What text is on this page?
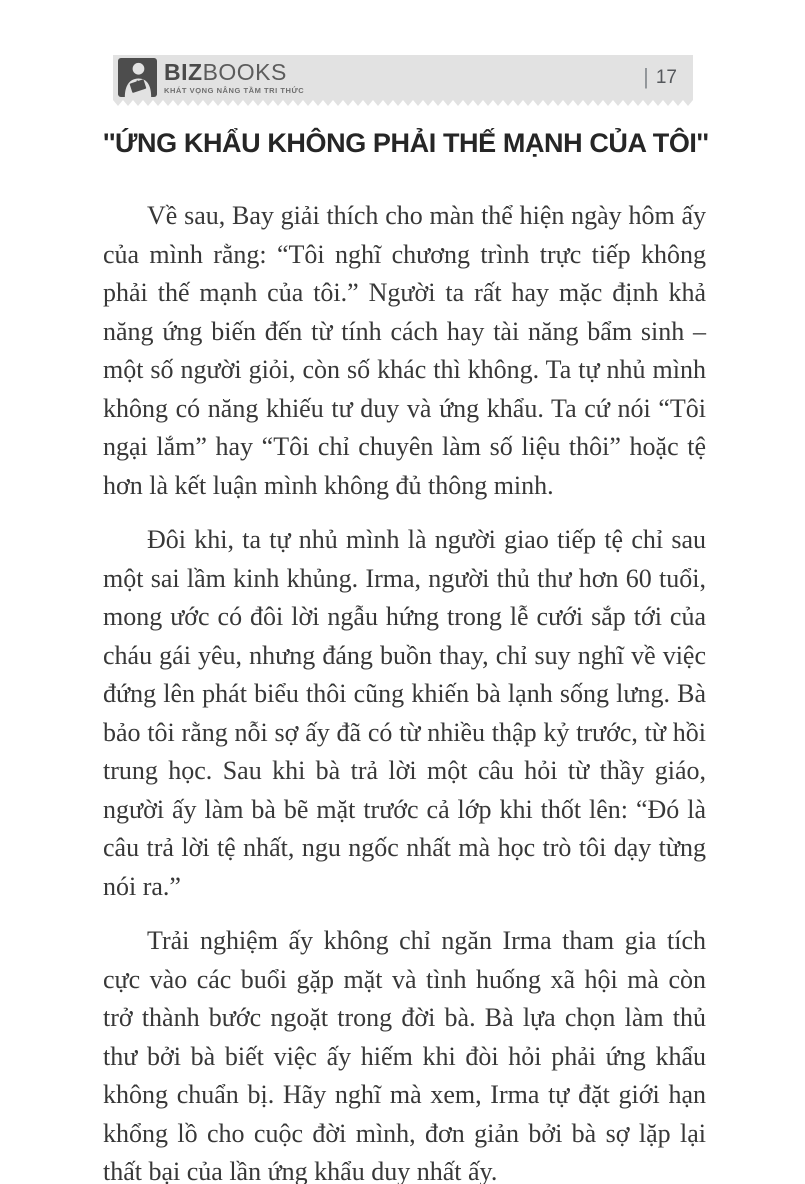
BIZBOOKS
KHÁT VỌNG NÂNG TẦM TRI THỨC
| 17
''ỨNG KHẨU KHÔNG PHẢI THẾ MẠNH CỦA TÔI''

Về sau, Bay giải thích cho màn thể hiện ngày hôm ấy của mình rằng: “Tôi nghĩ chương trình trực tiếp không phải thế mạnh của tôi.” Người ta rất hay mặc định khả năng ứng biến đến từ tính cách hay tài năng bẩm sinh – một số người giỏi, còn số khác thì không. Ta tự nhủ mình không có năng khiếu tư duy và ứng khẩu. Ta cứ nói “Tôi ngại lắm” hay “Tôi chỉ chuyên làm số liệu thôi” hoặc tệ hơn là kết luận mình không đủ thông minh.

Đôi khi, ta tự nhủ mình là người giao tiếp tệ chỉ sau một sai lầm kinh khủng. Irma, người thủ thư hơn 60 tuổi, mong ước có đôi lời ngẫu hứng trong lễ cưới sắp tới của cháu gái yêu, nhưng đáng buồn thay, chỉ suy nghĩ về việc đứng lên phát biểu thôi cũng khiến bà lạnh sống lưng. Bà bảo tôi rằng nỗi sợ ấy đã có từ nhiều thập kỷ trước, từ hồi trung học. Sau khi bà trả lời một câu hỏi từ thầy giáo, người ấy làm bà bẽ mặt trước cả lớp khi thốt lên: “Đó là câu trả lời tệ nhất, ngu ngốc nhất mà học trò tôi dạy từng nói ra.”

Trải nghiệm ấy không chỉ ngăn Irma tham gia tích cực vào các buổi gặp mặt và tình huống xã hội mà còn trở thành bước ngoặt trong đời bà. Bà lựa chọn làm thủ thư bởi bà biết việc ấy hiếm khi đòi hỏi phải ứng khẩu không chuẩn bị. Hãy nghĩ mà xem, Irma tự đặt giới hạn khổng lồ cho cuộc đời mình, đơn giản bởi bà sợ lặp lại thất bại của lần ứng khẩu duy nhất ấy.
